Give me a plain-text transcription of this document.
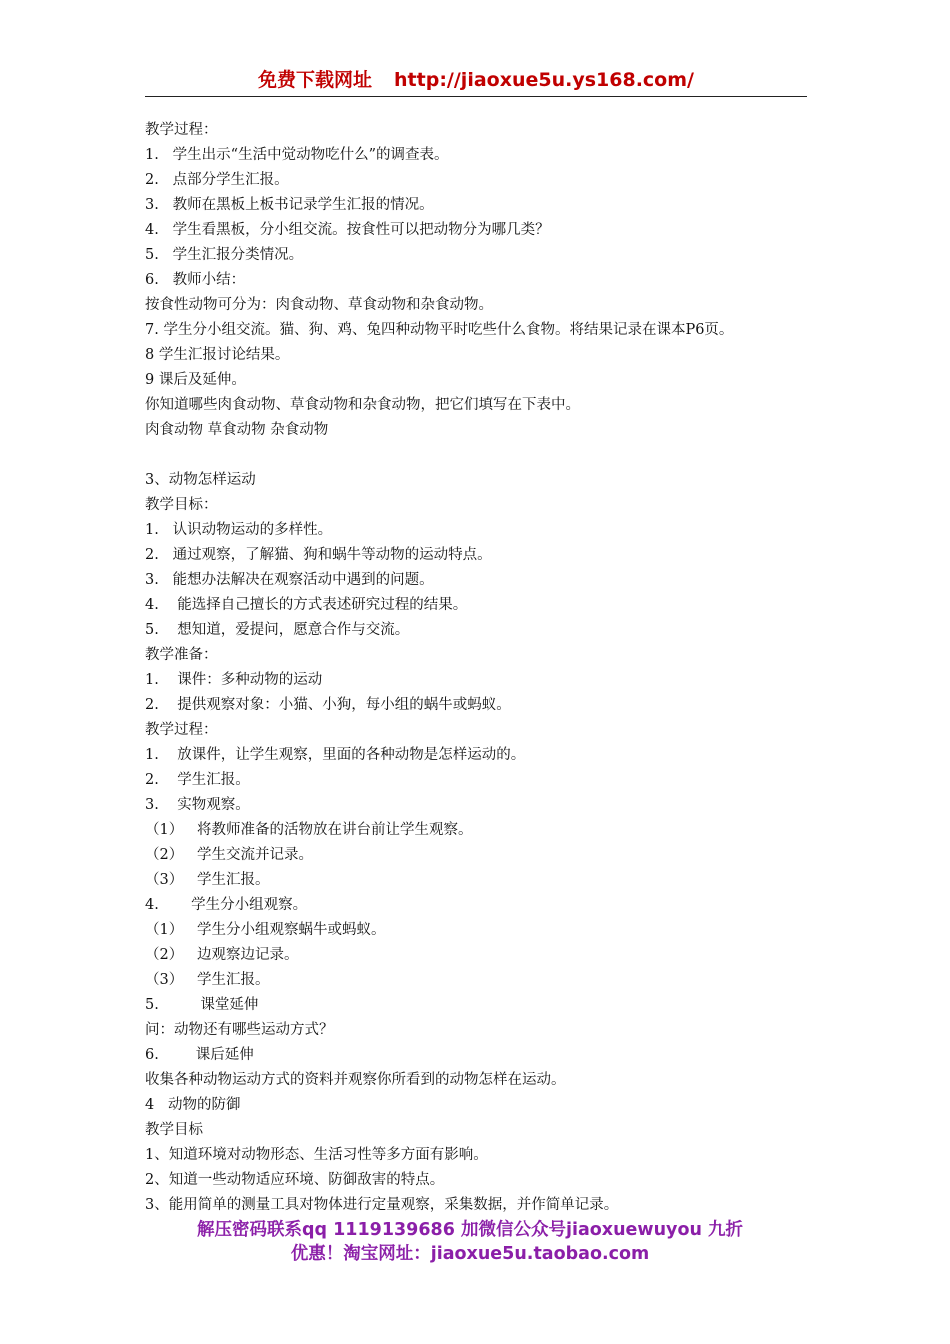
免费下载网址 http://jiaoxue5u.ys168.com/
教学过程：
1.   学生出示“生活中觉动物吃什么”的调查表。
2.   点部分学生汇报。
3.   教师在黑板上板书记录学生汇报的情况。
4.   学生看黑板，分小组交流。按食性可以把动物分为哪几类？
5.   学生汇报分类情况。
6.   教师小结：
按食性动物可分为：肉食动物、草食动物和杂食动物。
7. 学生分小组交流。猫、狗、鸡、兔四种动物平时吃些什么食物。将结果记录在课本P6页。
8 学生汇报讨论结果。
9 课后及延伸。
你知道哪些肉食动物、草食动物和杂食动物，把它们填写在下表中。
肉食动物 草食动物 杂食动物
3、动物怎样运动
教学目标：
1.   认识动物运动的多样性。
2.   通过观察，了解猫、狗和蜗牛等动物的运动特点。
3.   能想办法解决在观察活动中遇到的问题。
4.    能选择自己擅长的方式表述研究过程的结果。
5.    想知道，爱提问，愿意合作与交流。
教学准备：
1.    课件：多种动物的运动
2.    提供观察对象：小猫、小狗，每小组的蜗牛或蚂蚁。
教学过程：
1.    放课件，让学生观察，里面的各种动物是怎样运动的。
2.    学生汇报。
3.    实物观察。
（1）   将教师准备的活物放在讲台前让学生观察。
（2）   学生交流并记录。
（3）   学生汇报。
4.       学生分小组观察。
（1）   学生分小组观察蜗牛或蚂蚁。
（2）   边观察边记录。
（3）   学生汇报。
5.         课堂延伸
问：动物还有哪些运动方式？
6.        课后延伸
收集各种动物运动方式的资料并观察你所看到的动物怎样在运动。
4   动物的防御
教学目标
1、知道环境对动物形态、生活习性等多方面有影响。
2、知道一些动物适应环境、防御敌害的特点。
3、能用简单的测量工具对物体进行定量观察，采集数据，并作简单记录。
解压密码联系qq 1119139686 加微信公众号jiaoxuewuyou 九折
优惠！淘宝网址：jiaoxue5u.taobao.com
